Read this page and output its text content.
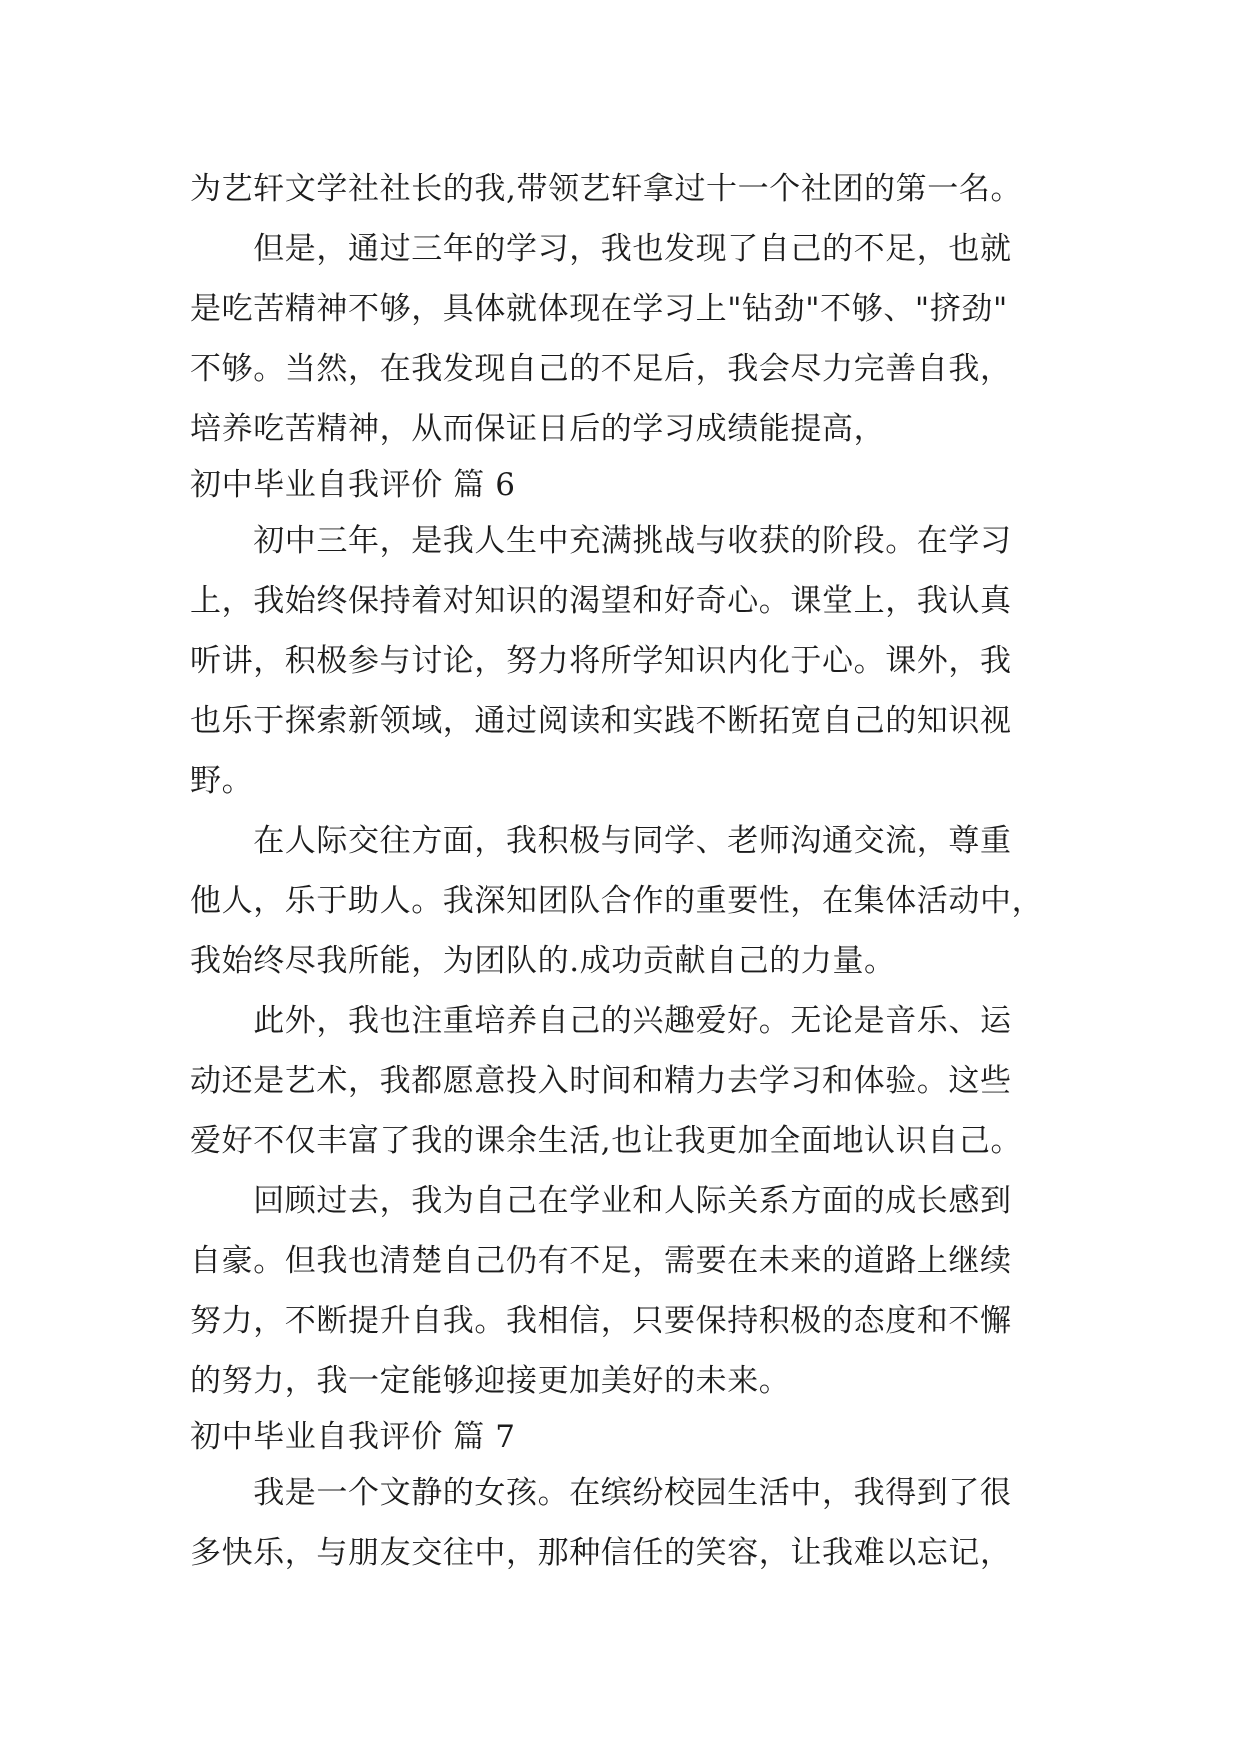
为艺轩文学社社长的我,带领艺轩拿过十一个社团的第一名。
　　但是，通过三年的学习，我也发现了自己的不足，也就
是吃苦精神不够，具体就体现在学习上"钻劲"不够、"挤劲"
不够。当然，在我发现自己的不足后，我会尽力完善自我，
培养吃苦精神，从而保证日后的学习成绩能提高，
初中毕业自我评价 篇 6
　　初中三年，是我人生中充满挑战与收获的阶段。在学习
上，我始终保持着对知识的渴望和好奇心。课堂上，我认真
听讲，积极参与讨论，努力将所学知识内化于心。课外，我
也乐于探索新领域，通过阅读和实践不断拓宽自己的知识视
野。
　　在人际交往方面，我积极与同学、老师沟通交流，尊重
他人，乐于助人。我深知团队合作的重要性，在集体活动中，
我始终尽我所能，为团队的.成功贡献自己的力量。
　　此外，我也注重培养自己的兴趣爱好。无论是音乐、运
动还是艺术，我都愿意投入时间和精力去学习和体验。这些
爱好不仅丰富了我的课余生活,也让我更加全面地认识自己。
　　回顾过去，我为自己在学业和人际关系方面的成长感到
自豪。但我也清楚自己仍有不足，需要在未来的道路上继续
努力，不断提升自我。我相信，只要保持积极的态度和不懈
的努力，我一定能够迎接更加美好的未来。
初中毕业自我评价 篇 7
　　我是一个文静的女孩。在缤纷校园生活中，我得到了很
多快乐，与朋友交往中，那种信任的笑容，让我难以忘记，
